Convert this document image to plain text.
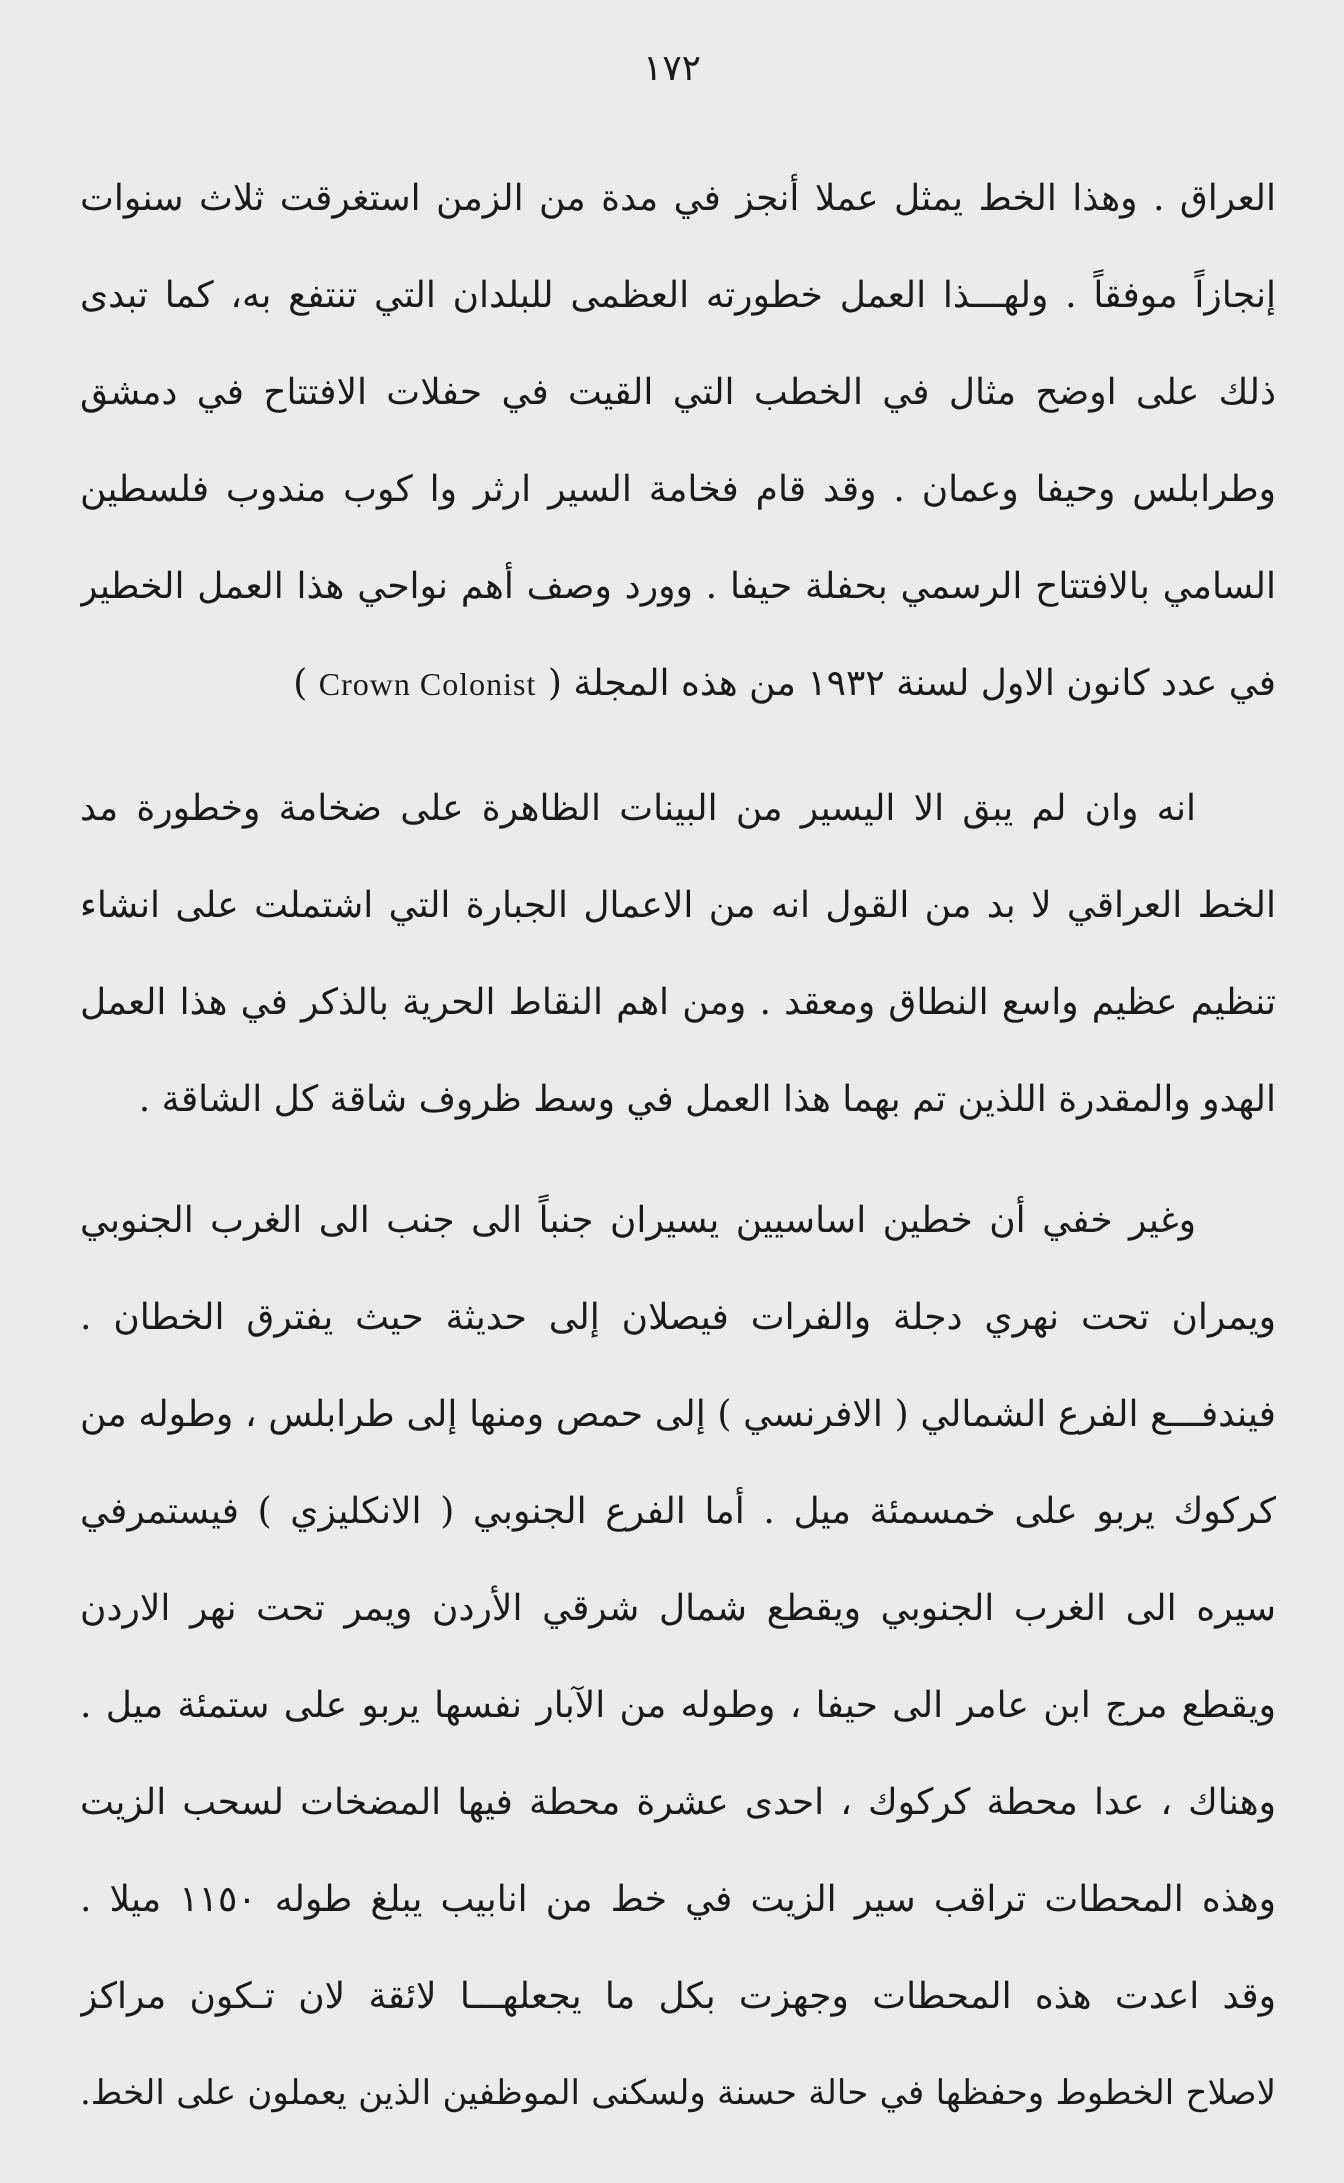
١٧٢
العراق . وهذا الخط يمثل عملا أنجز في مدة من الزمن استغرقت ثلاث سنوات
إنجازاً موفقاً . ولهـــذا العمل خطورته العظمى للبلدان التي تنتفع به، كما تبدى
ذلك على اوضح مثال في الخطب التي القيت في حفلات الافتتاح في دمشق
وطرابلس وحيفا وعمان . وقد قام فخامة السير ارثر وا كوب مندوب فلسطين
السامي بالافتتاح الرسمي بحفلة حيفا . وورد وصف أهم نواحي هذا العمل الخطير
في عدد كانون الاول لسنة ١٩٣٢ من هذه المجلة ( Crown Colonist )
انه وان لم يبق الا اليسير من البينات الظاهرة على ضخامة وخطورة مد
الخط العراقي لا بد من القول انه من الاعمال الجبارة التي اشتملت على انشاء
تنظيم عظيم واسع النطاق ومعقد . ومن اهم النقاط الحرية بالذكر في هذا العمل
الهدو والمقدرة اللذين تم بهما هذا العمل في وسط ظروف شاقة كل الشاقة .
وغير خفي أن خطين اساسيين يسيران جنباً الى جنب الى الغرب الجنوبي
ويمران تحت نهري دجلة والفرات فيصلان إلى حديثة حيث يفترق الخطان .
فيندفـــع الفرع الشمالي ( الافرنسي ) إلى حمص ومنها إلى طرابلس ، وطوله من
كركوك يربو على خمسمئة ميل . أما الفرع الجنوبي ( الانكليزي ) فيستمرفي
سيره الى الغرب الجنوبي ويقطع شمال شرقي الأردن ويمر تحت نهر الاردن
ويقطع مرج ابن عامر الى حيفا ، وطوله من الآبار نفسها يربو على ستمئة ميل .
وهناك ، عدا محطة كركوك ، احدى عشرة محطة فيها المضخات لسحب الزيت
وهذه المحطات تراقب سير الزيت في خط من انابيب يبلغ طوله ١١٥٠ ميلا .
وقد اعدت هذه المحطات وجهزت بكل ما يجعلهـــا لائقة لان تـكون مراكز
لاصلاح الخطوط وحفظها في حالة حسنة ولسكنى الموظفين الذين يعملون على الخط.
